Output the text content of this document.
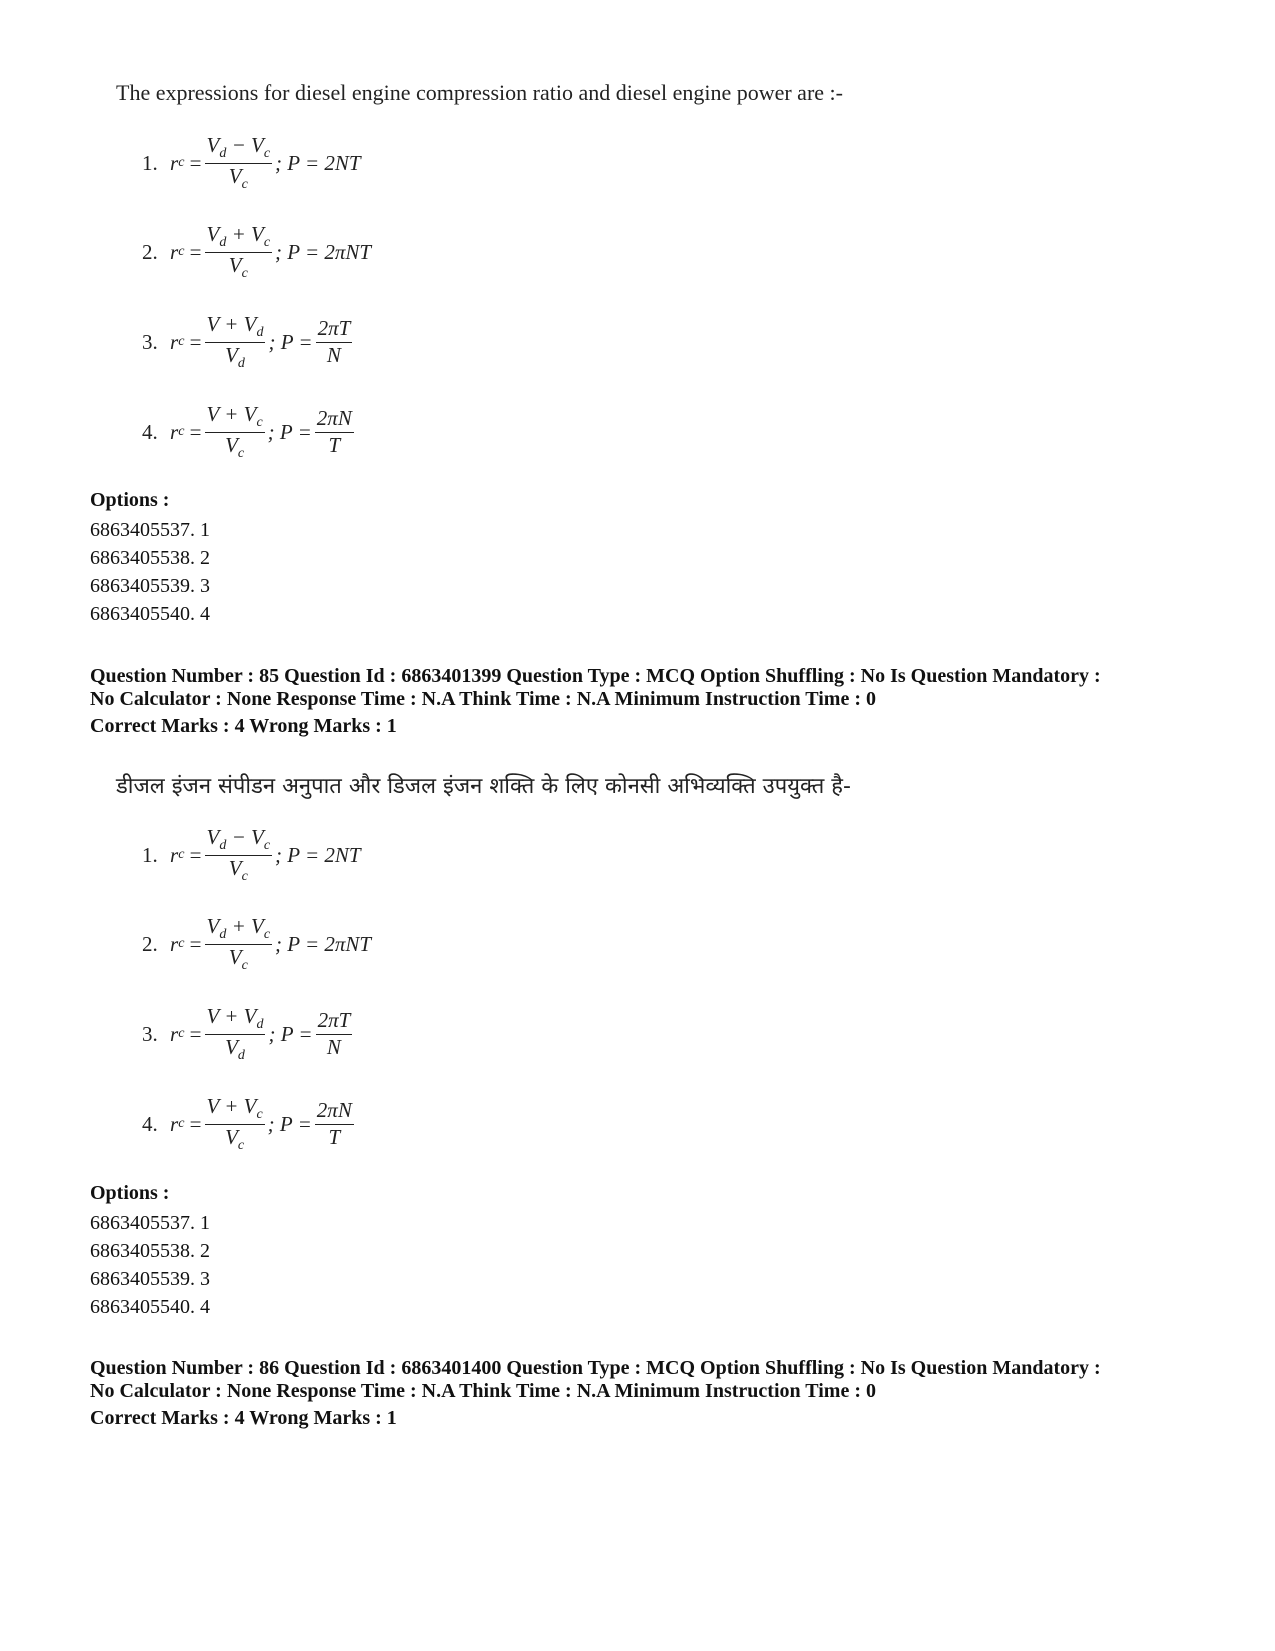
The expressions for diesel engine compression ratio and diesel engine power are :-
1. r $c = \frac{V_d - V_c}{V_c}$ ; P = 2NT
2. r $c = \frac{V_d + V_c}{V_c}$ ; P = 2πNT
3. r $c = \frac{V + V_d}{V_d}$ ; $P = \frac{2\pi T}{N}$
4. r $c = \frac{V + V_c}{V_c}$ ; $P = \frac{2\pi N}{T}$
Options :
6863405537. 1
6863405538. 2
6863405539. 3
6863405540. 4
Question Number : 85 Question Id : 6863401399 Question Type : MCQ Option Shuffling : No Is Question Mandatory :
No Calculator : None Response Time : N.A Think Time : N.A Minimum Instruction Time : 0
Correct Marks : 4 Wrong Marks : 1
डीजल इंजन संपीडन अनुपात और डिजल इंजन शक्ति के लिए कोनसी अभिव्यक्ति उपयुक्त है-
1. r $c = \frac{V_d - V_c}{V_c}$ ; P = 2NT
2. r $c = \frac{V_d + V_c}{V_c}$ ; P = 2πNT
3. r $c = \frac{V + V_d}{V_d}$ ; $P = \frac{2\pi T}{N}$
4. r $c = \frac{V + V_c}{V_c}$ ; $P = \frac{2\pi N}{T}$
Options :
6863405537. 1
6863405538. 2
6863405539. 3
6863405540. 4
Question Number : 86 Question Id : 6863401400 Question Type : MCQ Option Shuffling : No Is Question Mandatory :
No Calculator : None Response Time : N.A Think Time : N.A Minimum Instruction Time : 0
Correct Marks : 4 Wrong Marks : 1
